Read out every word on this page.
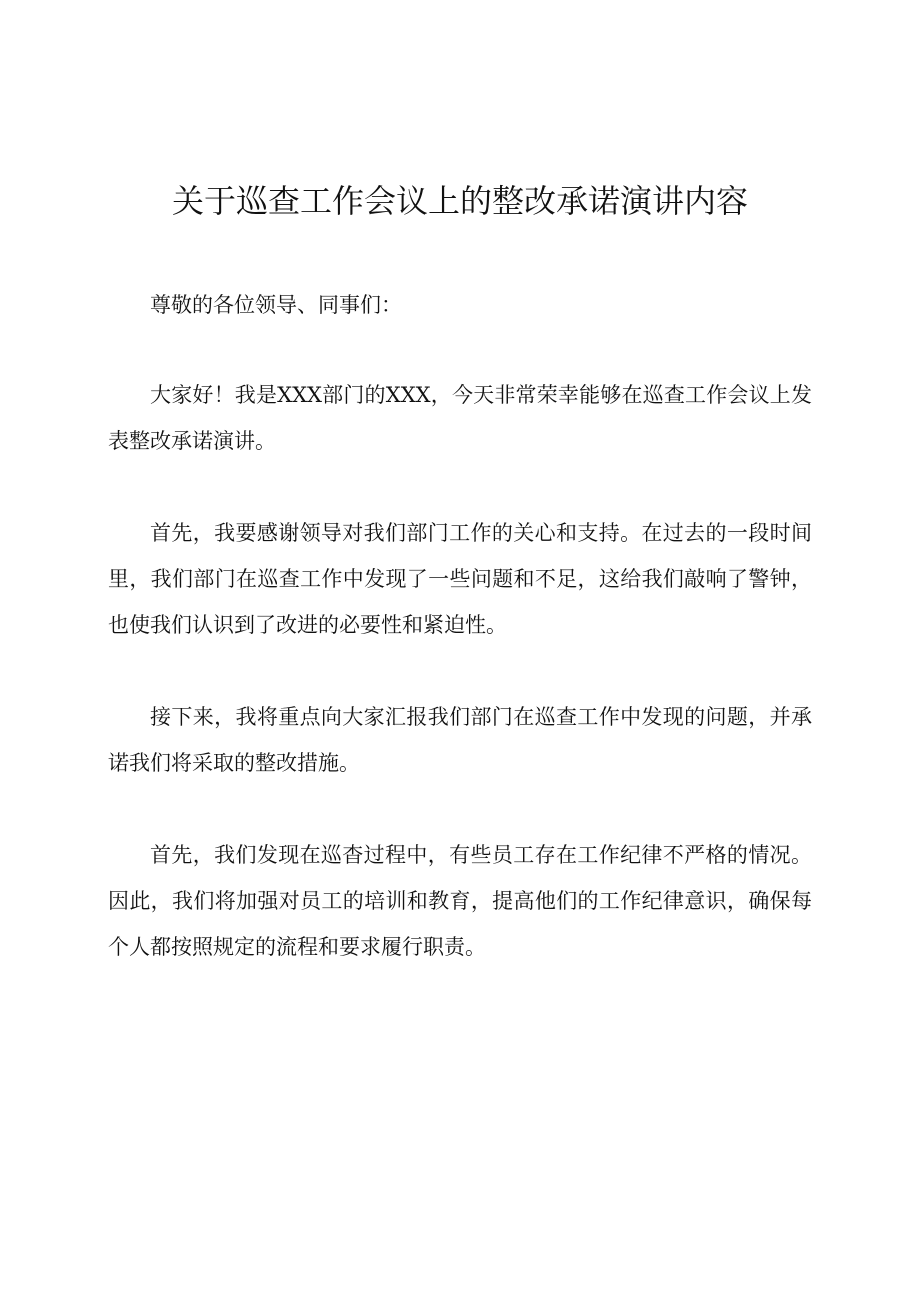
关于巡查工作会议上的整改承诺演讲内容

尊敬的各位领导、同事们：

大家好！我是XXX部门的XXX，今天非常荣幸能够在巡查工作会议上发表整改承诺演讲。

首先，我要感谢领导对我们部门工作的关心和支持。在过去的一段时间里，我们部门在巡查工作中发现了一些问题和不足，这给我们敲响了警钟，也使我们认识到了改进的必要性和紧迫性。

接下来，我将重点向大家汇报我们部门在巡查工作中发现的问题，并承诺我们将采取的整改措施。

首先，我们发现在巡杳过程中，有些员工存在工作纪律不严格的情况。因此，我们将加强对员工的培训和教育，提高他们的工作纪律意识，确保每个人都按照规定的流程和要求履行职责。
